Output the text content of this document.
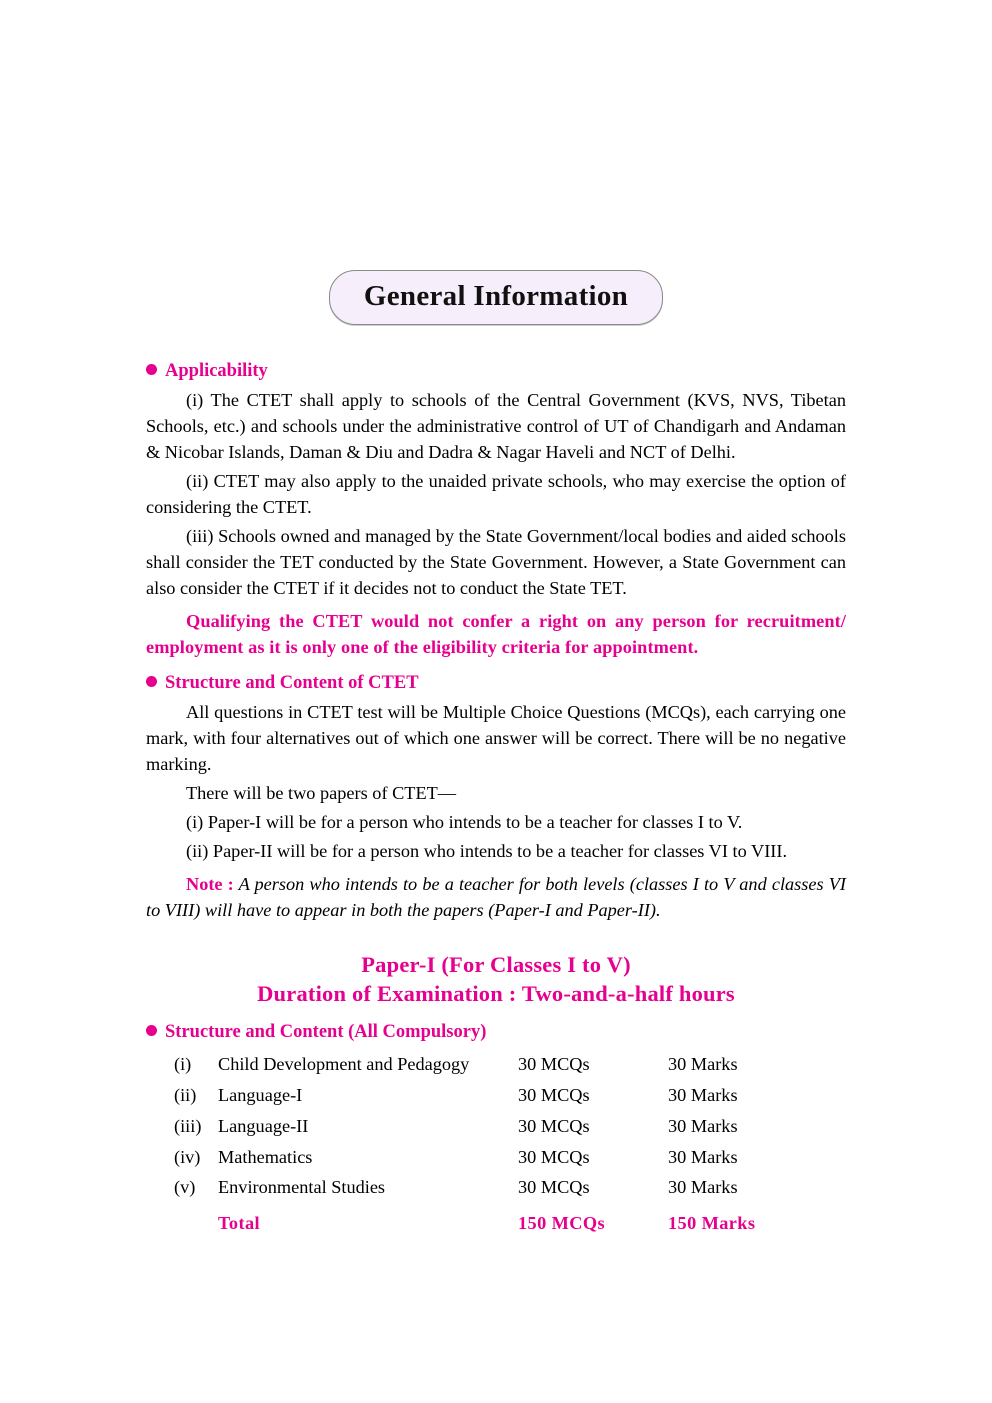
General Information
Applicability

(i) The CTET shall apply to schools of the Central Government (KVS, NVS, Tibetan Schools, etc.) and schools under the administrative control of UT of Chandigarh and Andaman & Nicobar Islands, Daman & Diu and Dadra & Nagar Haveli and NCT of Delhi.

(ii) CTET may also apply to the unaided private schools, who may exercise the option of considering the CTET.

(iii) Schools owned and managed by the State Government/local bodies and aided schools shall consider the TET conducted by the State Government. However, a State Government can also consider the CTET if it decides not to conduct the State TET.

Qualifying the CTET would not confer a right on any person for recruitment/ employment as it is only one of the eligibility criteria for appointment.

Structure and Content of CTET

All questions in CTET test will be Multiple Choice Questions (MCQs), each carrying one mark, with four alternatives out of which one answer will be correct. There will be no negative marking.

There will be two papers of CTET—

(i) Paper-I will be for a person who intends to be a teacher for classes I to V.

(ii) Paper-II will be for a person who intends to be a teacher for classes VI to VIII.

Note : A person who intends to be a teacher for both levels (classes I to V and classes VI to VIII) will have to appear in both the papers (Paper-I and Paper-II).

Paper-I (For Classes I to V)

Duration of Examination : Two-and-a-half hours

Structure and Content (All Compulsory)
(i)	Child Development and Pedagogy	30 MCQs	30 Marks
(ii)	Language-I	30 MCQs	30 Marks
(iii)	Language-II	30 MCQs	30 Marks
(iv)	Mathematics	30 MCQs	30 Marks
(v)	Environmental Studies	30 MCQs	30 Marks
	Total	150 MCQs	150 Marks
